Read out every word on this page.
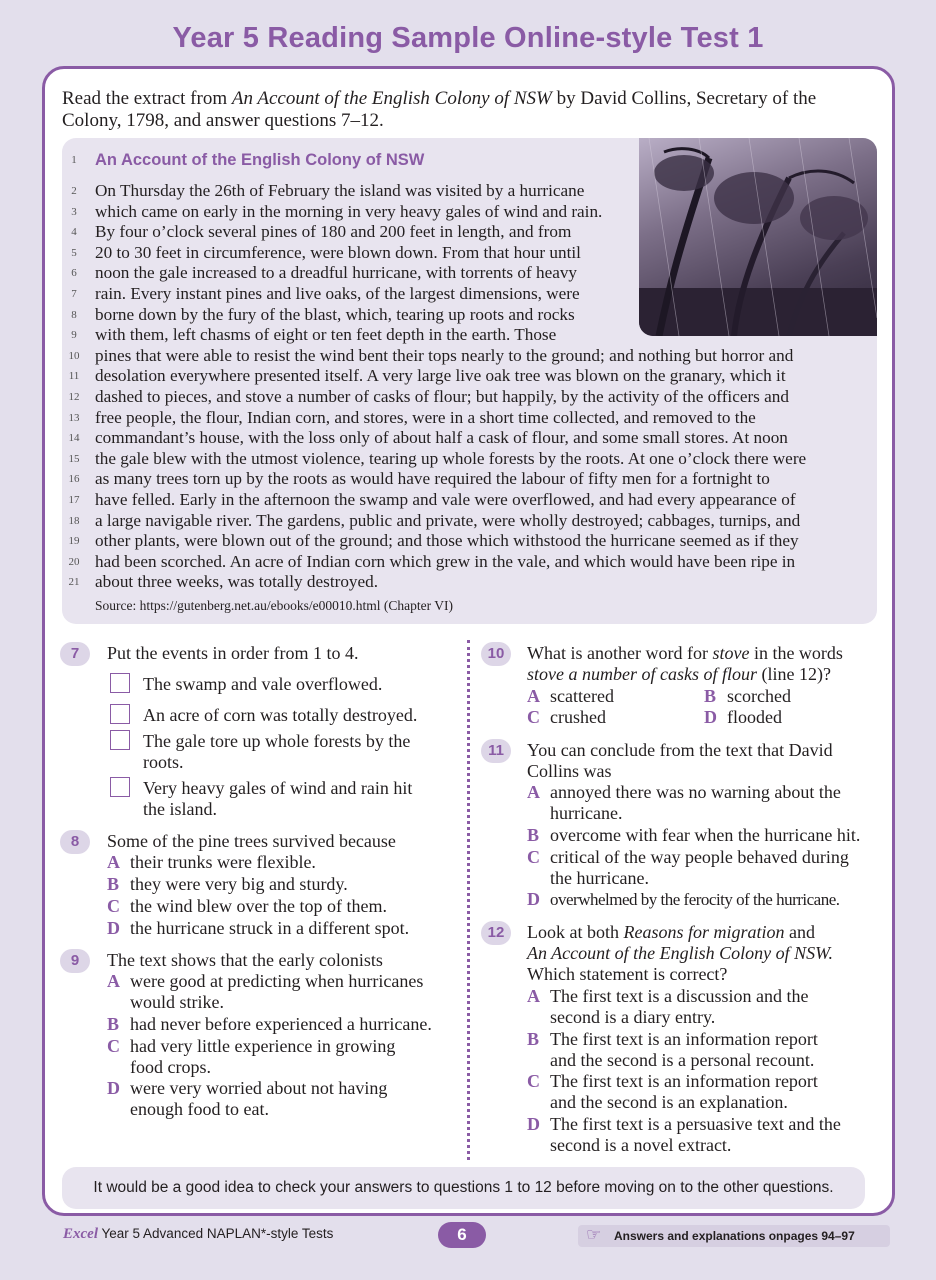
Year 5 Reading Sample Online-style Test 1
Read the extract from An Account of the English Colony of NSW by David Collins, Secretary of the
Colony, 1798, and answer questions 7–12.
1	An Account of the English Colony of NSW
2	On Thursday the 26th of February the island was visited by a hurricane
3	which came on early in the morning in very heavy gales of wind and rain.
4	By four o’clock several pines of 180 and 200 feet in length, and from
5	20 to 30 feet in circumference, were blown down. From that hour until
6	noon the gale increased to a dreadful hurricane, with torrents of heavy
7	rain. Every instant pines and live oaks, of the largest dimensions, were
8	borne down by the fury of the blast, which, tearing up roots and rocks
9	with them, left chasms of eight or ten feet depth in the earth. Those
10 pines that were able to resist the wind bent their tops nearly to the ground; and nothing but horror and
11 desolation everywhere presented itself. A very large live oak tree was blown on the granary, which it
12 dashed to pieces, and stove a number of casks of flour; but happily, by the activity of the officers and
13 free people, the flour, Indian corn, and stores, were in a short time collected, and removed to the
14 commandant’s house, with the loss only of about half a cask of flour, and some small stores. At noon
15 the gale blew with the utmost violence, tearing up whole forests by the roots. At one o’clock there were
16 as many trees torn up by the roots as would have required the labour of fifty men for a fortnight to
17 have felled. Early in the afternoon the swamp and vale were overflowed, and had every appearance of
18 a large navigable river. The gardens, public and private, were wholly destroyed; cabbages, turnips, and
19 other plants, were blown out of the ground; and those which withstood the hurricane seemed as if they
20 had been scorched. An acre of Indian corn which grew in the vale, and which would have been ripe in
21 about three weeks, was totally destroyed.
Source: https://gutenberg.net.au/ebooks/e00010.html (Chapter VI)
7	Put the events in order from 1 to 4.
The swamp and vale overflowed.
An acre of corn was totally destroyed.
The gale tore up whole forests by the
roots.
Very heavy gales of wind and rain hit
the island.
8	Some of the pine trees survived because
A their trunks were flexible.
B they were very big and sturdy.
C the wind blew over the top of them.
D the hurricane struck in a different spot.
9	The text shows that the early colonists
A were good at predicting when hurricanes
would strike.
B had never before experienced a hurricane.
C had very little experience in growing
food crops.
D were very worried about not having
enough food to eat.
10	What is another word for stove in the words
stove a number of casks of flour (line 12)?
A scattered	B scorched
C crushed	D flooded
11	You can conclude from the text that David
Collins was
A annoyed there was no warning about the
hurricane.
B overcome with fear when the hurricane hit.
C critical of the way people behaved during
the hurricane.
D overwhelmed by the ferocity of the hurricane.
12	Look at both Reasons for migration and
An Account of the English Colony of NSW.
Which statement is correct?
A The first text is a discussion and the
second is a diary entry.
B The first text is an information report
and the second is a personal recount.
C The first text is an information report
and the second is an explanation.
D The first text is a persuasive text and the
second is a novel extract.
It would be a good idea to check your answers to questions 1 to 12 before moving on to the other questions.
Excel Year 5 Advanced NAPLAN*-style Tests	6	☞ Answers and explanations onpages 94–97
